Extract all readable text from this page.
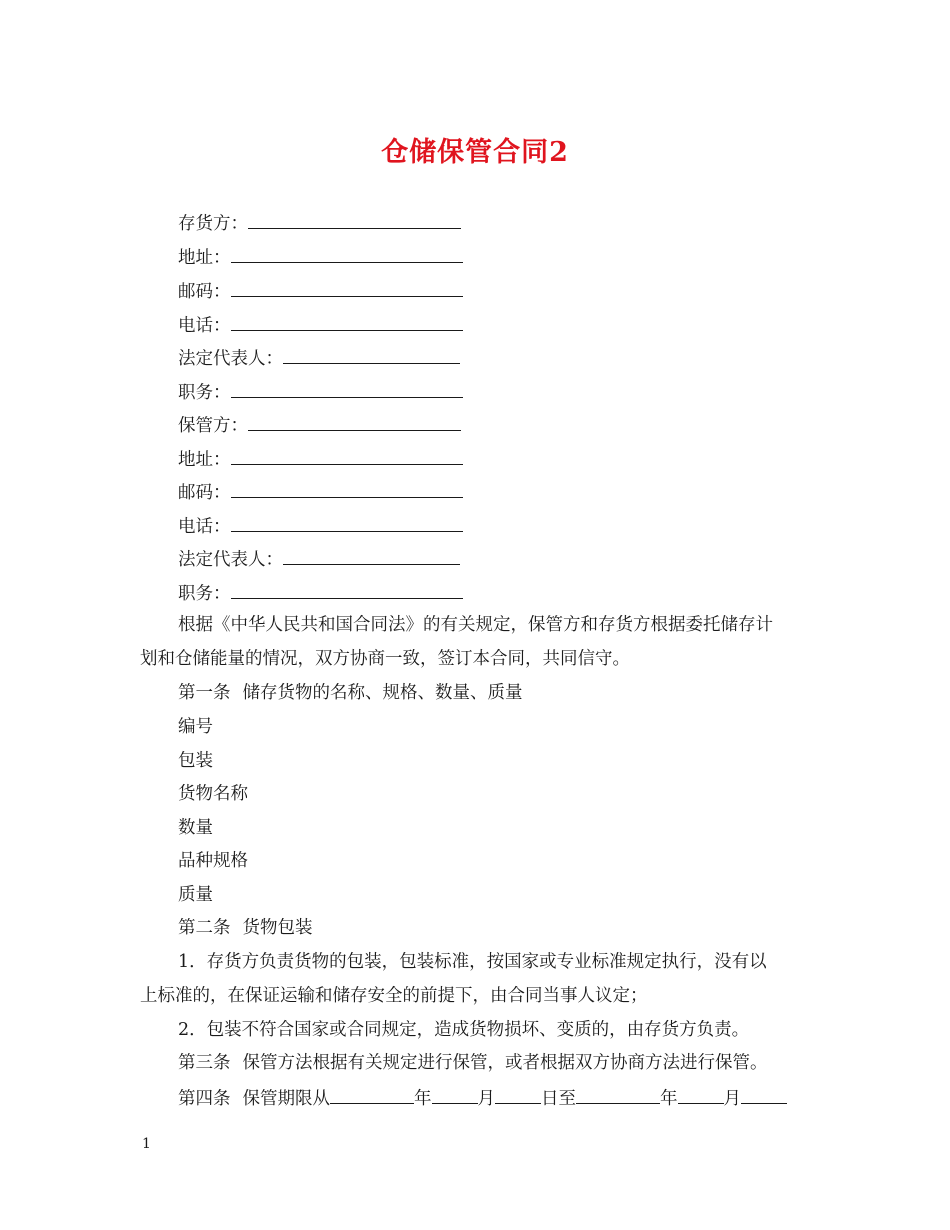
仓储保管合同2
存货方：
地址：
邮码：
电话：
法定代表人：
职务：
保管方：
地址：
邮码：
电话：
法定代表人：
职务：
根据《中华人民共和国合同法》的有关规定，保管方和存货方根据委托储存计
划和仓储能量的情况，双方协商一致，签订本合同，共同信守。
第一条 储存货物的名称、规格、数量、质量
编号
包装
货物名称
数量
品种规格
质量
第二条 货物包装
1．存货方负责货物的包装，包装标准，按国家或专业标准规定执行，没有以
上标准的，在保证运输和储存安全的前提下，由合同当事人议定；
2．包装不符合国家或合同规定，造成货物损坏、变质的，由存货方负责。
第三条 保管方法根据有关规定进行保管，或者根据双方协商方法进行保管。
第四条 保管期限从	年	月	日至	年	月
1
